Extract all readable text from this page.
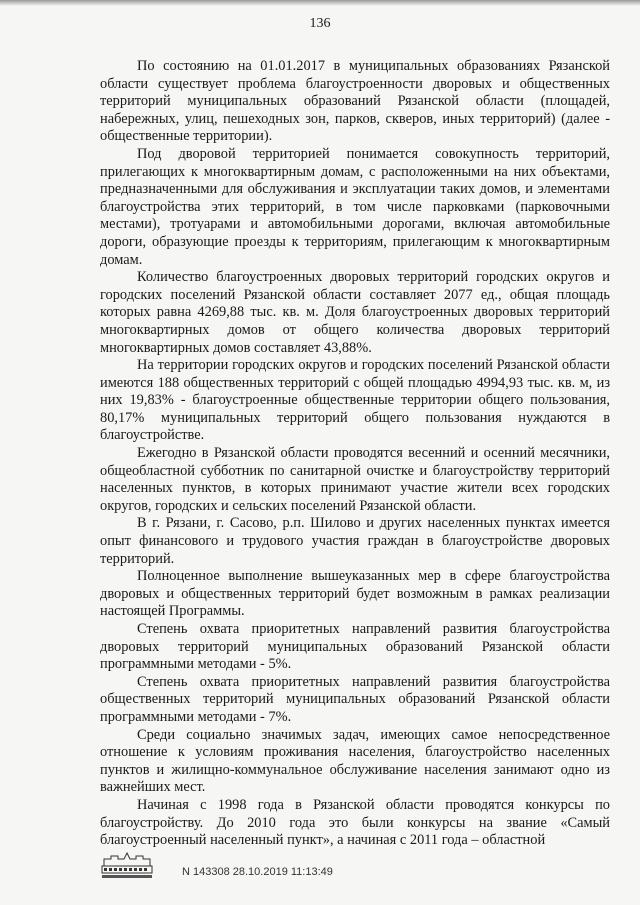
136

По состоянию на 01.01.2017 в муниципальных образованиях Рязанской области существует проблема благоустроенности дворовых и общественных территорий муниципальных образований Рязанской области (площадей, набережных, улиц, пешеходных зон, парков, скверов, иных территорий) (далее - общественные территории).

Под дворовой территорией понимается совокупность территорий, прилегающих к многоквартирным домам, с расположенными на них объектами, предназначенными для обслуживания и эксплуатации таких домов, и элементами благоустройства этих территорий, в том числе парковками (парковочными местами), тротуарами и автомобильными дорогами, включая автомобильные дороги, образующие проезды к территориям, прилегающим к многоквартирным домам.

Количество благоустроенных дворовых территорий городских округов и городских поселений Рязанской области составляет 2077 ед., общая площадь которых равна 4269,88 тыс. кв. м. Доля благоустроенных дворовых территорий многоквартирных домов от общего количества дворовых территорий многоквартирных домов составляет 43,88%.

На территории городских округов и городских поселений Рязанской области имеются 188 общественных территорий с общей площадью 4994,93 тыс. кв. м, из них 19,83% - благоустроенные общественные территории общего пользования, 80,17% муниципальных территорий общего пользования нуждаются в благоустройстве.

Ежегодно в Рязанской области проводятся весенний и осенний месячники, общеобластной субботник по санитарной очистке и благоустройству территорий населенных пунктов, в которых принимают участие жители всех городских округов, городских и сельских поселений Рязанской области.

В г. Рязани, г. Сасово, р.п. Шилово и других населенных пунктах имеется опыт финансового и трудового участия граждан в благоустройстве дворовых территорий.

Полноценное выполнение вышеуказанных мер в сфере благоустройства дворовых и общественных территорий будет возможным в рамках реализации настоящей Программы.

Степень охвата приоритетных направлений развития благоустройства дворовых территорий муниципальных образований Рязанской области программными методами - 5%.

Степень охвата приоритетных направлений развития благоустройства общественных территорий муниципальных образований Рязанской области программными методами - 7%.

Среди социально значимых задач, имеющих самое непосредственное отношение к условиям проживания населения, благоустройство населенных пунктов и жилищно-коммунальное обслуживание населения занимают одно из важнейших мест.

Начиная с 1998 года в Рязанской области проводятся конкурсы по благоустройству. До 2010 года это были конкурсы на звание «Самый благоустроенный населенный пункт», а начиная с 2011 года – областной

N 143308 28.10.2019 11:13:49
